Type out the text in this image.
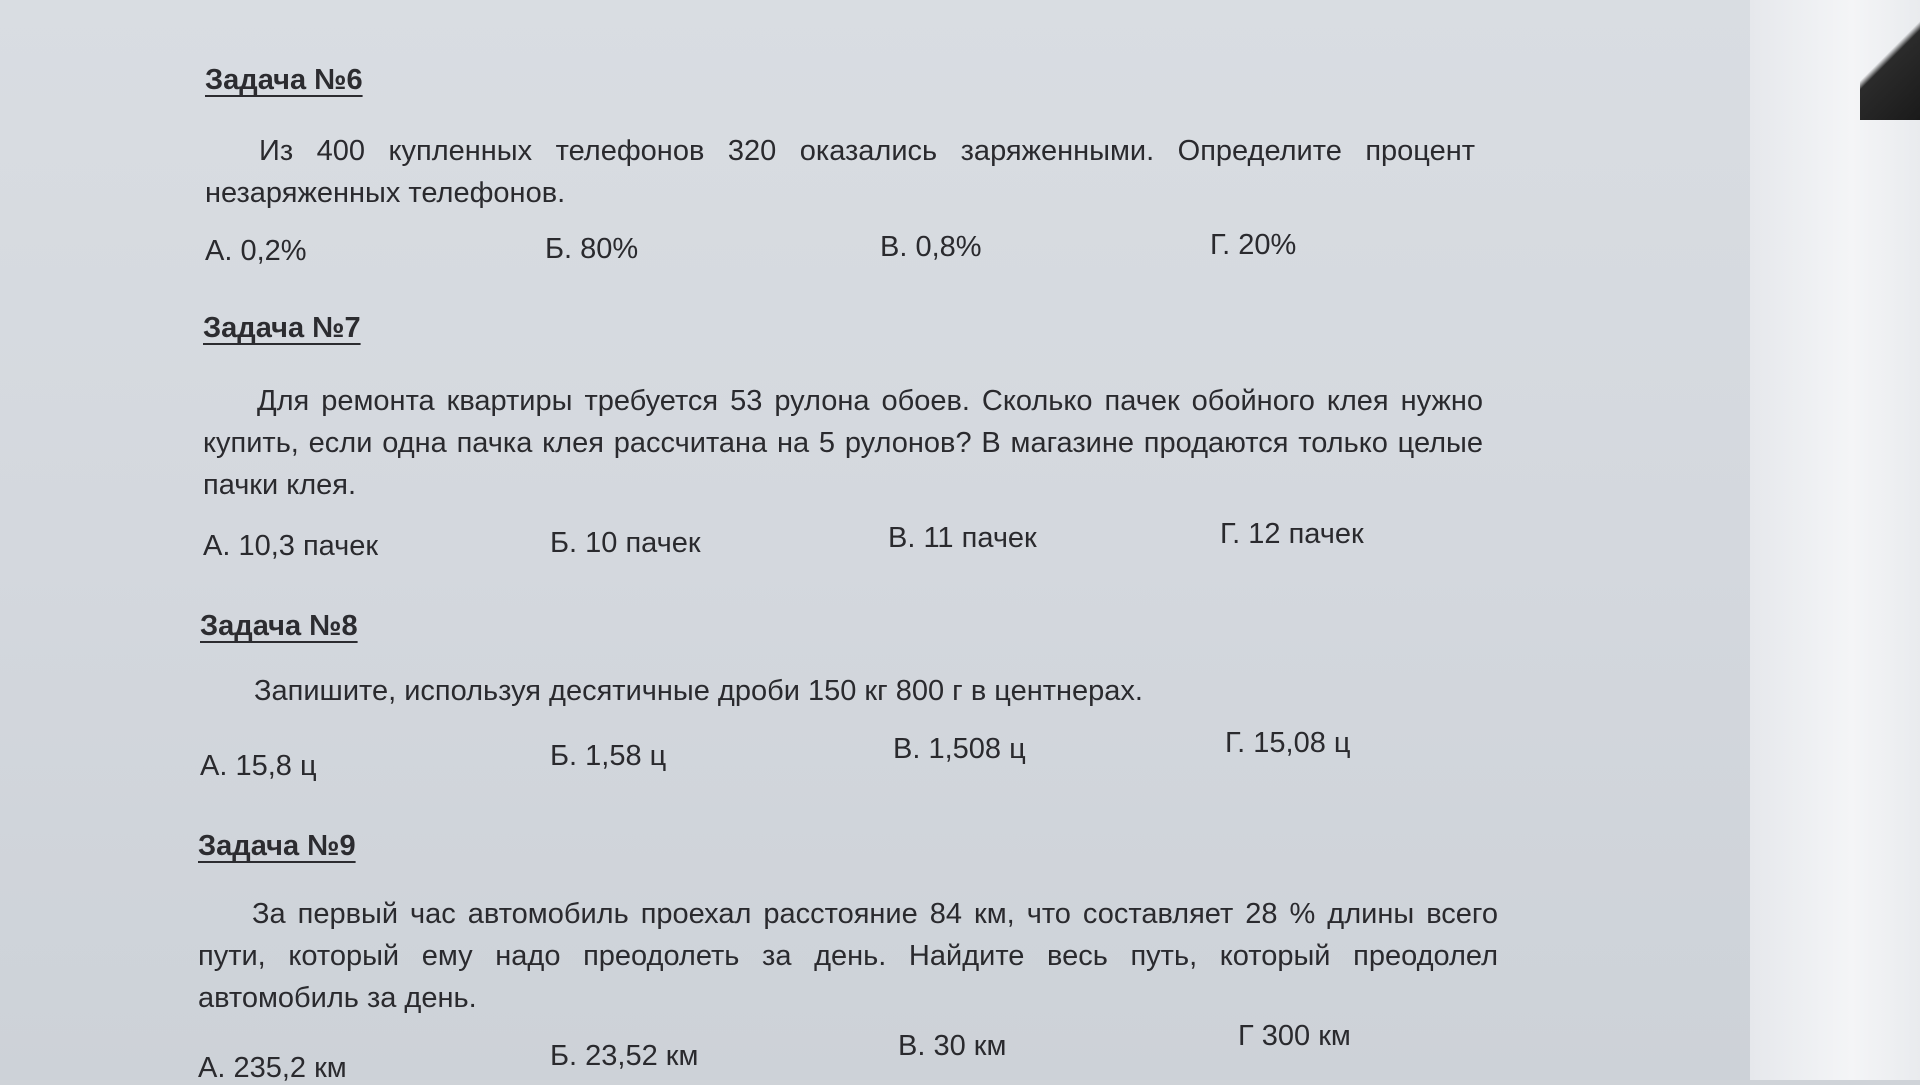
Задача №6
Из 400 купленных телефонов 320 оказались заряженными. Определите процент незаряженных телефонов.
А. 0,2%	Б. 80%	В. 0,8%	Г. 20%
Задача №7
Для ремонта квартиры требуется 53 рулона обоев. Сколько пачек обойного клея нужно купить, если одна пачка клея рассчитана на 5 рулонов? В магазине продаются только целые пачки клея.
А. 10,3 пачек	Б. 10 пачек	В. 11 пачек	Г. 12 пачек
Задача №8
Запишите, используя десятичные дроби 150 кг 800 г в центнерах.
А. 15,8 ц	Б. 1,58 ц	В. 1,508 ц	Г. 15,08 ц
Задача №9
За первый час автомобиль проехал расстояние 84 км, что составляет 28 % длины всего пути, который ему надо преодолеть за день. Найдите весь путь, который преодолел автомобиль за день.
А. 235,2 км	Б. 23,52 км	В. 30 км	Г 300 км
